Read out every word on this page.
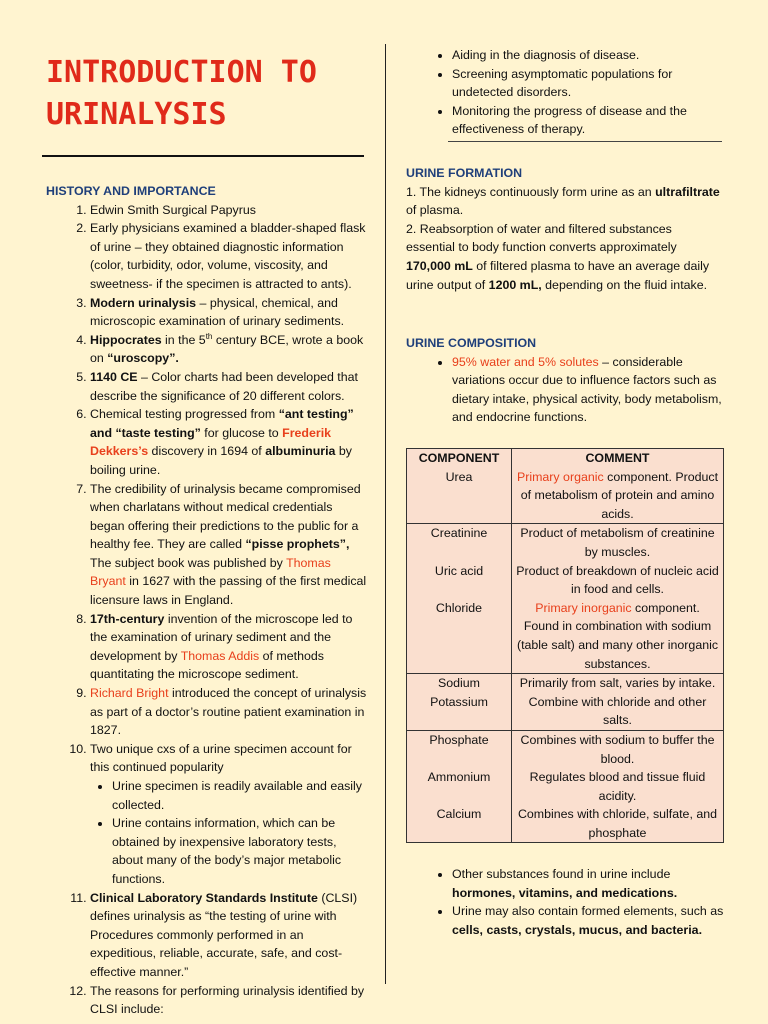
INTRODUCTION TO URINALYSIS

HISTORY AND IMPORTANCE

1. Edwin Smith Surgical Papyrus
2. Early physicians examined a bladder-shaped flask of urine – they obtained diagnostic information (color, turbidity, odor, volume, viscosity, and sweetness- if the specimen is attracted to ants).
3. Modern urinalysis – physical, chemical, and microscopic examination of urinary sediments.
4. Hippocrates in the 5th century BCE, wrote a book on “uroscopy”.
5. 1140 CE – Color charts had been developed that describe the significance of 20 different colors.
6. Chemical testing progressed from “ant testing” and “taste testing” for glucose to Frederik Dekkers’s discovery in 1694 of albuminuria by boiling urine.
7. The credibility of urinalysis became compromised when charlatans without medical credentials began offering their predictions to the public for a healthy fee. They are called “pisse prophets”, The subject book was published by Thomas Bryant in 1627 with the passing of the first medical licensure laws in England.
8. 17th-century invention of the microscope led to the examination of urinary sediment and the development by Thomas Addis of methods quantitating the microscope sediment.
9. Richard Bright introduced the concept of urinalysis as part of a doctor’s routine patient examination in 1827.
10. Two unique cxs of a urine specimen account for this continued popularity
• Urine specimen is readily available and easily collected.
• Urine contains information, which can be obtained by inexpensive laboratory tests, about many of the body’s major metabolic functions.
11. Clinical Laboratory Standards Institute (CLSI) defines urinalysis as “the testing of urine with Procedures commonly performed in an expeditious, reliable, accurate, safe, and cost-effective manner.”
12. The reasons for performing urinalysis identified by CLSI include:
• Aiding in the diagnosis of disease.
• Screening asymptomatic populations for undetected disorders.
• Monitoring the progress of disease and the effectiveness of therapy.

URINE FORMATION

1. The kidneys continuously form urine as an ultrafiltrate of plasma.

2. Reabsorption of water and filtered substances essential to body function converts approximately 170,000 mL of filtered plasma to have an average daily urine output of 1200 mL, depending on the fluid intake.

URINE COMPOSITION

• 95% water and 5% solutes – considerable variations occur due to influence factors such as dietary intake, physical activity, body metabolism, and endocrine functions.
COMPONENT	COMMENT
Urea	Primary organic component. Product of metabolism of protein and amino acids.
Creatinine	Product of metabolism of creatinine by muscles.
Uric acid	Product of breakdown of nucleic acid in food and cells.
Chloride	Primary inorganic component. Found in combination with sodium (table salt) and many other inorganic substances.
Sodium	Primarily from salt, varies by intake.
Potassium	Combine with chloride and other salts.
Phosphate	Combines with sodium to buffer the blood.
Ammonium	Regulates blood and tissue fluid acidity.
Calcium	Combines with chloride, sulfate, and phosphate
• Other substances found in urine include hormones, vitamins, and medications.
• Urine may also contain formed elements, such as cells, casts, crystals, mucus, and bacteria.
